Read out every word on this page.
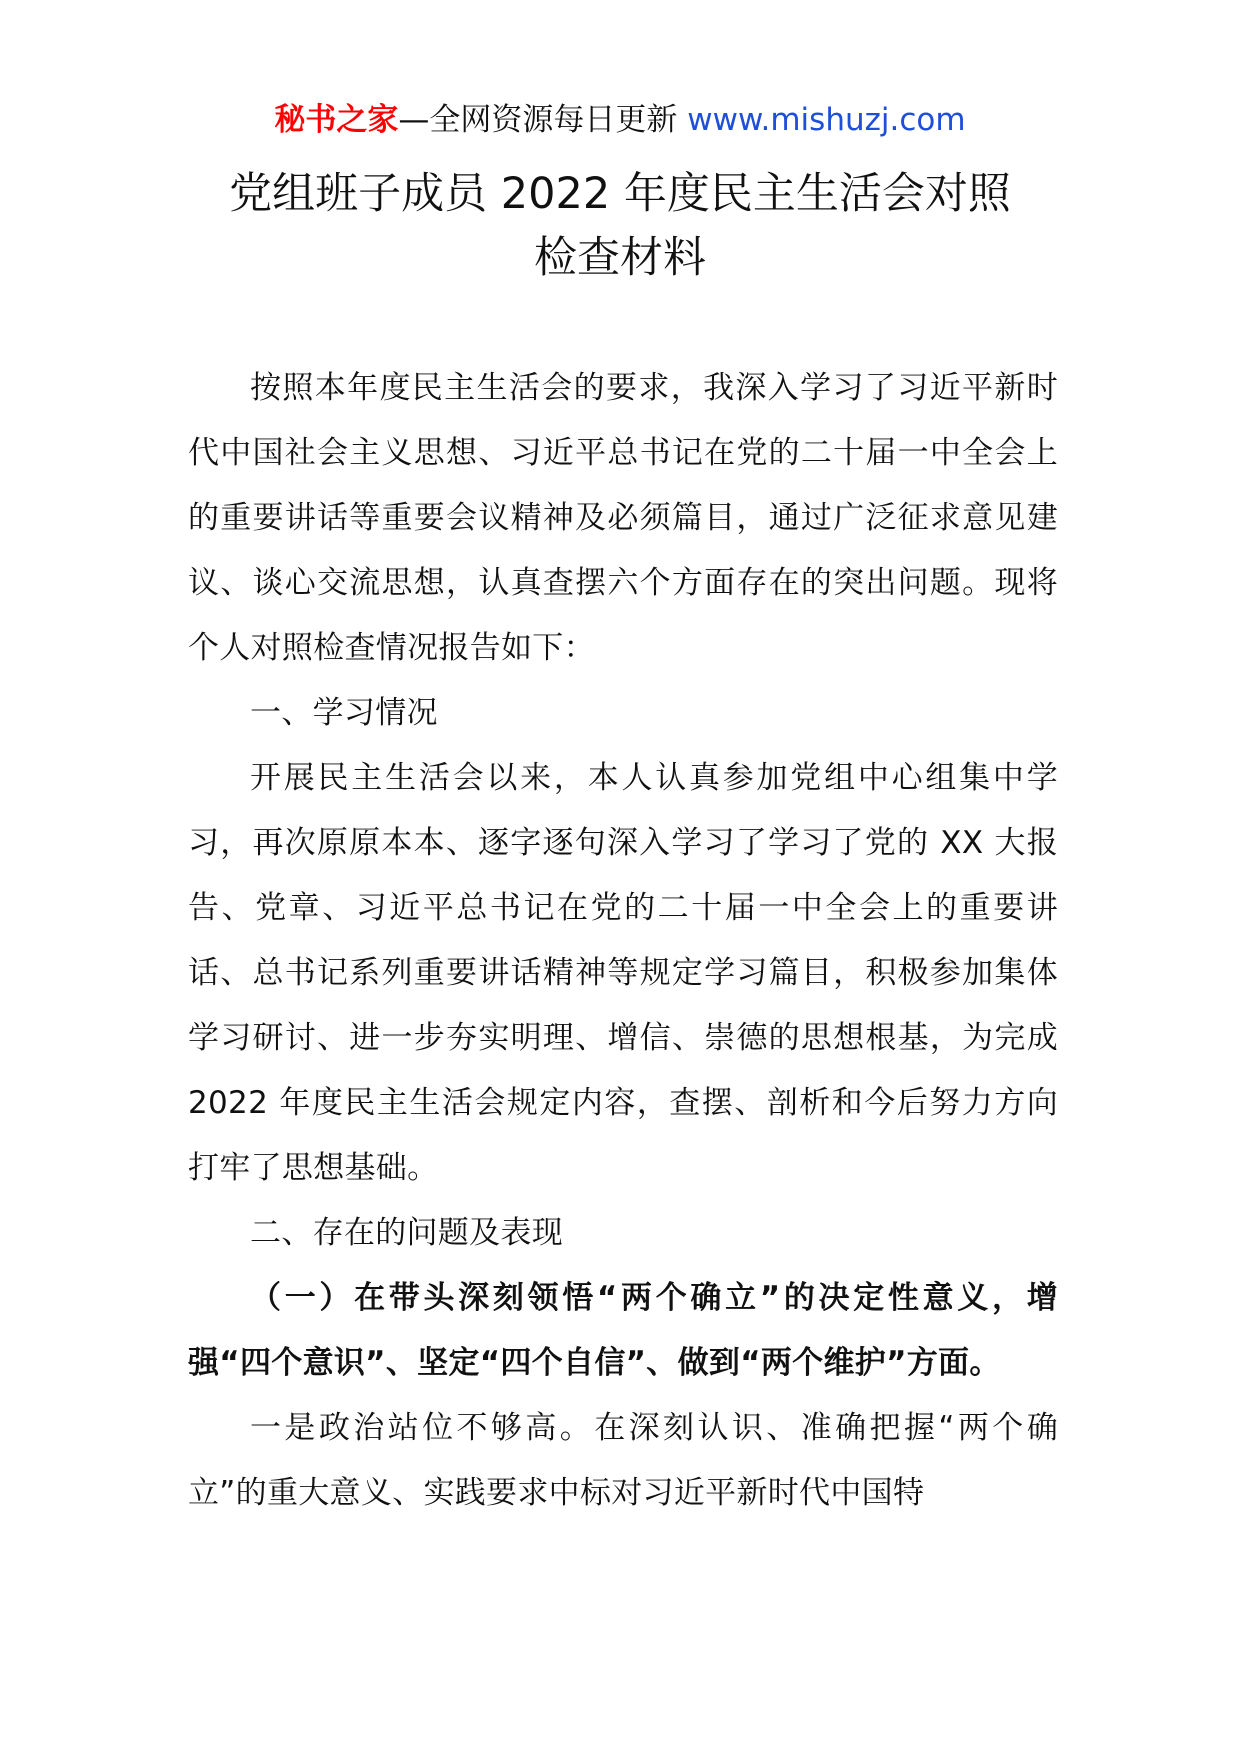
秘书之家—全网资源每日更新 www.mishuzj.com
党组班子成员 2022 年度民主生活会对照
检查材料

按照本年度民主生活会的要求，我深入学习了习近平新时代中国社会主义思想、习近平总书记在党的二十届一中全会上的重要讲话等重要会议精神及必须篇目，通过广泛征求意见建议、谈心交流思想，认真查摆六个方面存在的突出问题。现将个人对照检查情况报告如下：

一、学习情况

开展民主生活会以来，本人认真参加党组中心组集中学习，再次原原本本、逐字逐句深入学习了学习了党的 XX 大报告、党章、习近平总书记在党的二十届一中全会上的重要讲话、总书记系列重要讲话精神等规定学习篇目，积极参加集体学习研讨、进一步夯实明理、增信、崇德的思想根基，为完成 2022 年度民主生活会规定内容，查摆、剖析和今后努力方向打牢了思想基础。

二、存在的问题及表现

（一）在带头深刻领悟“两个确立”的决定性意义，增强“四个意识”、坚定“四个自信”、做到“两个维护”方面。

一是政治站位不够高。在深刻认识、准确把握“两个确立”的重大意义、实践要求中标对习近平新时代中国特
